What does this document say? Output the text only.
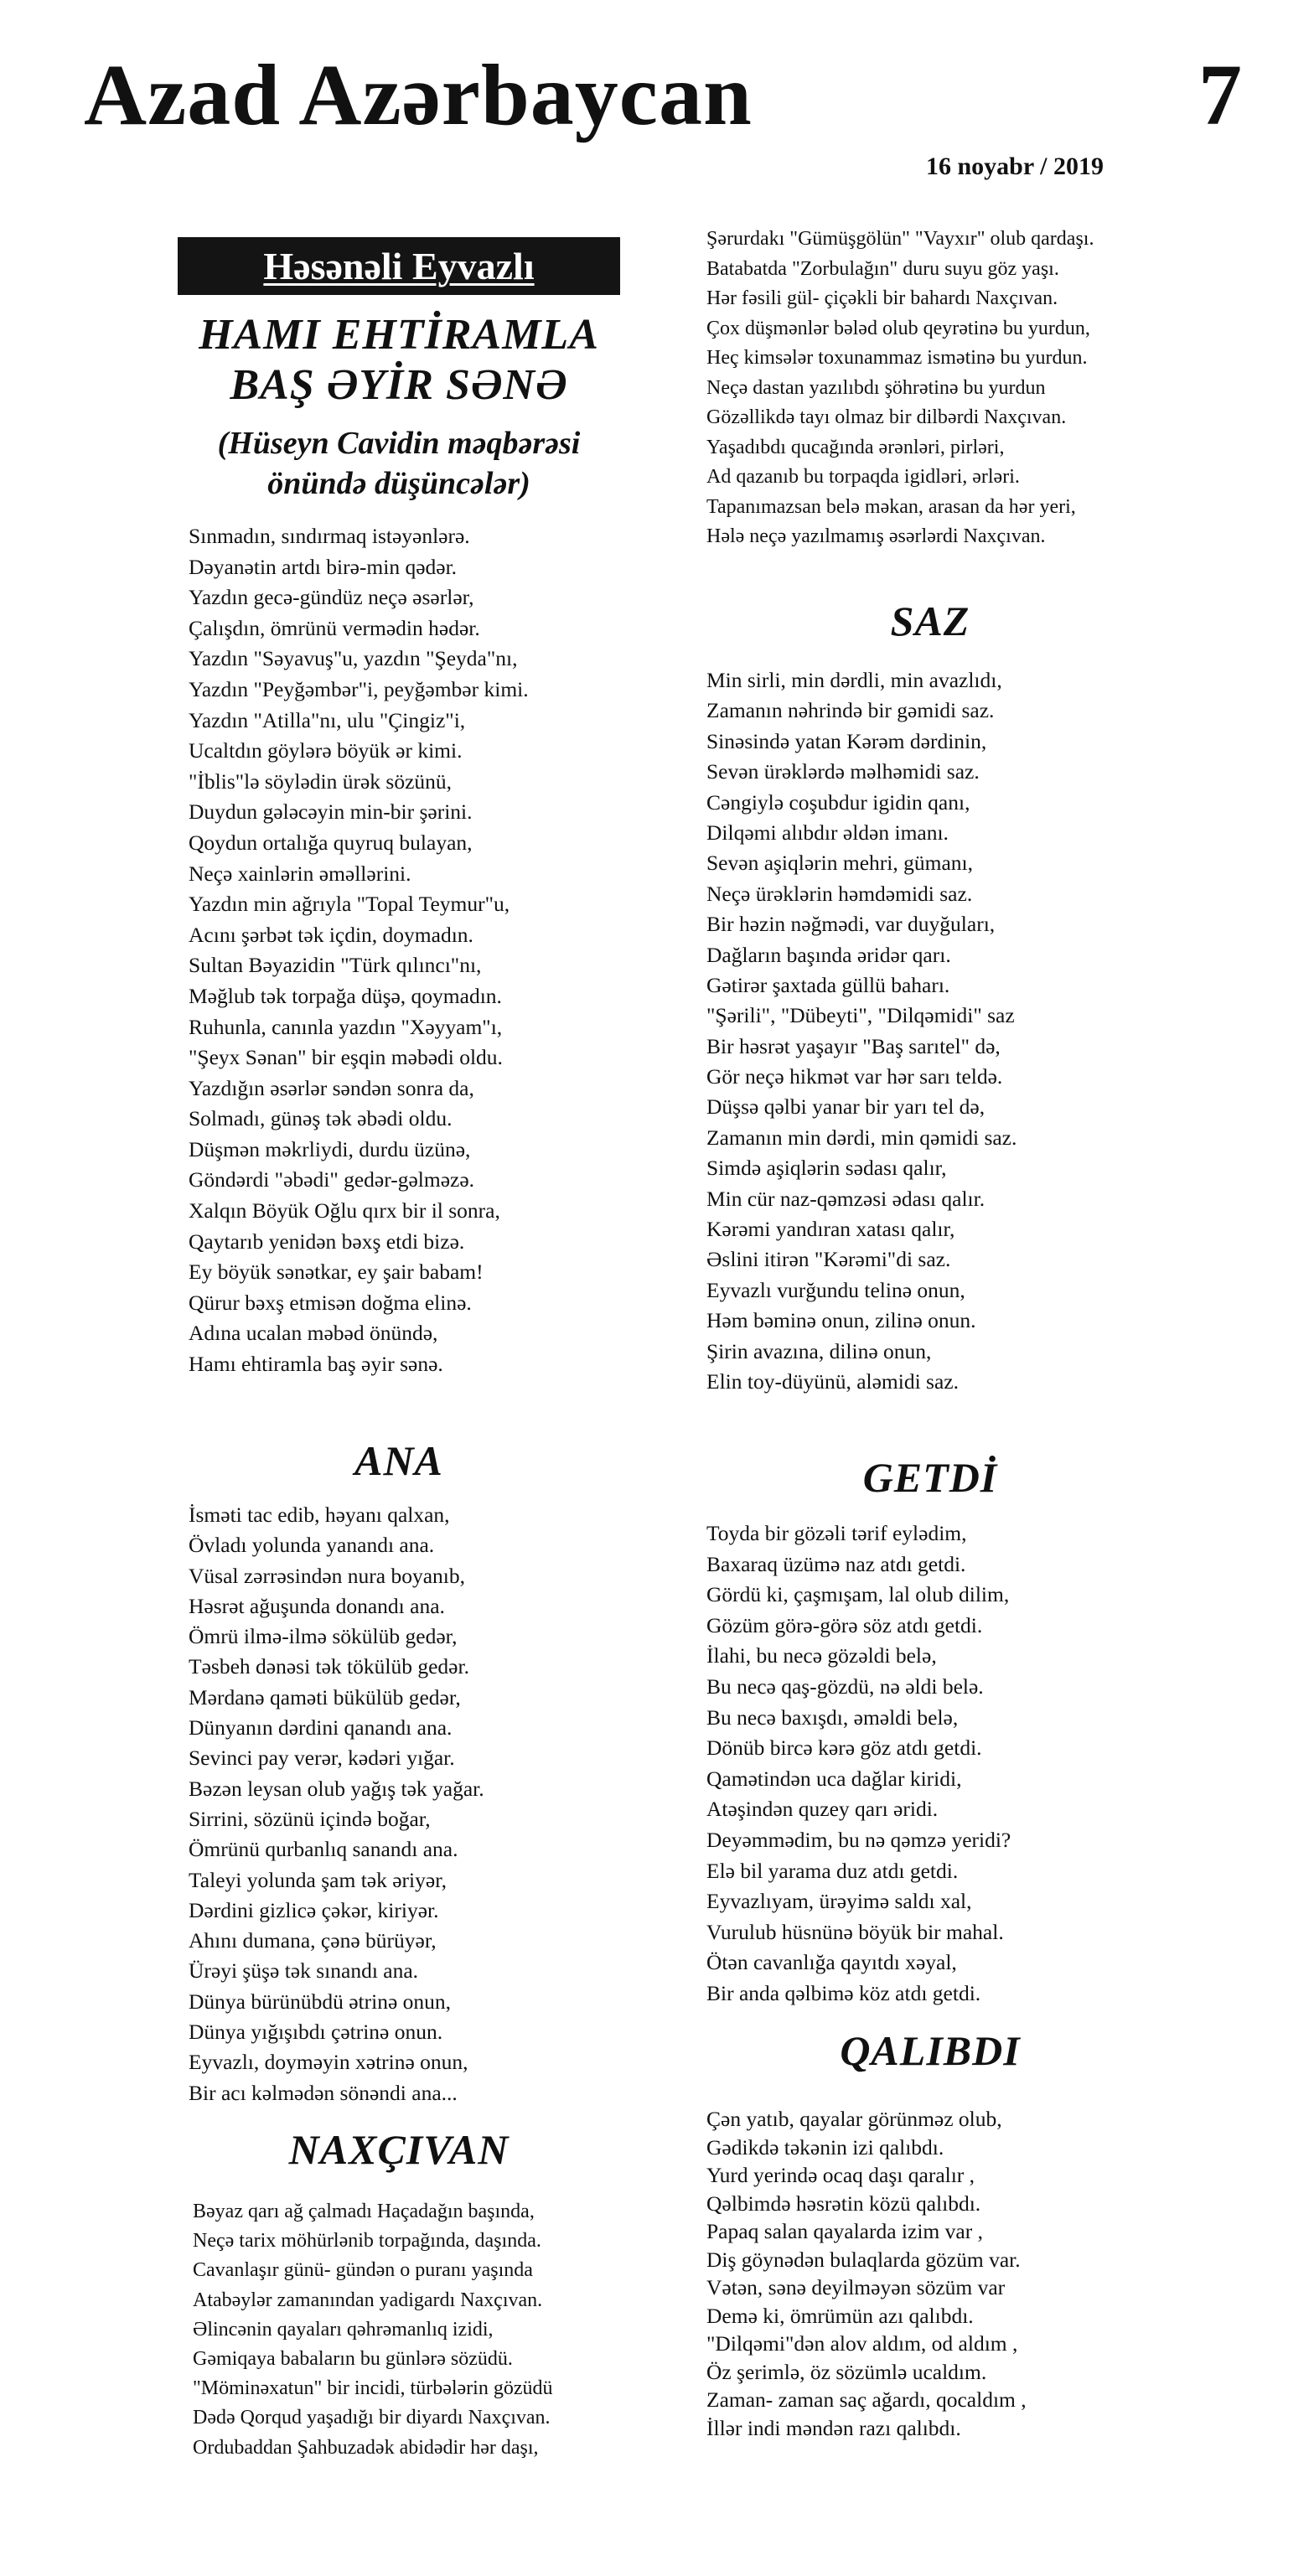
Azad Azərbaycan	7
16 noyabr / 2019
Həsənəli Eyvazlı
HAMI EHTİRAMLA
BAŞ ƏYİR SƏNƏ
(Hüseyn Cavidin məqbərəsi
önündə düşüncələr)
Sınmadın, sındırmaq istəyənlərə.
Dəyanətin artdı birə-min qədər.
Yazdın gecə-gündüz neçə əsərlər,
Çalışdın, ömrünü vermədin hədər.
Yazdın "Səyavuş"u, yazdın "Şeyda"nı,
Yazdın "Peyğəmbər"i, peyğəmbər kimi.
Yazdın "Atilla"nı, ulu "Çingiz"i,
Ucaltdın göylərə böyük ər kimi.
"İblis"lə söylədin ürək sözünü,
Duydun gələcəyin min-bir şərini.
Qoydun ortalığa quyruq bulayan,
Neçə xainlərin əməllərini.
Yazdın min ağrıyla "Topal Teymur"u,
Acını şərbət tək içdin, doymadın.
Sultan Bəyazidin "Türk qılıncı"nı,
Məğlub tək torpağa düşə, qoymadın.
Ruhunla, canınla yazdın "Xəyyam"ı,
"Şeyx Sənan" bir eşqin məbədi oldu.
Yazdığın əsərlər səndən sonra da,
Solmadı, günəş tək əbədi oldu.
Düşmən məkrliydi, durdu üzünə,
Göndərdi "əbədi" gedər-gəlməzə.
Xalqın Böyük Oğlu qırx bir il sonra,
Qaytarıb yenidən bəxş etdi bizə.
Ey böyük sənətkar, ey şair babam!
Qürur bəxş etmisən doğma elinə.
Adına ucalan məbəd önündə,
Hamı ehtiramla baş əyir sənə.
ANA
İsməti tac edib, həyanı qalxan,
Övladı yolunda yanandı ana.
Vüsal zərrəsindən nura boyanıb,
Həsrət ağuşunda donandı ana.
Ömrü ilmə-ilmə sökülüb gedər,
Təsbeh dənəsi tək tökülüb gedər.
Mərdanə qaməti bükülüb gedər,
Dünyanın dərdini qanandı ana.
Sevinci pay verər, kədəri yığar.
Bəzən leysan olub yağış tək yağar.
Sirrini, sözünü içində boğar,
Ömrünü qurbanlıq sanandı ana.
Taleyi yolunda şam tək əriyər,
Dərdini gizlicə çəkər, kiriyər.
Ahını dumana, çənə bürüyər,
Ürəyi şüşə tək sınandı ana.
Dünya bürünübdü ətrinə onun,
Dünya yığışıbdı çətrinə onun.
Eyvazlı, doyməyin xətrinə onun,
Bir acı kəlmədən sönəndi ana...
NAXÇIVAN
Bəyaz qarı ağ çalmadı Haçadağın başında,
Neçə tarix möhürlənib torpağında, daşında.
Cavanlaşır günü- gündən o puranı yaşında
Atabəylər zamanından yadigardı Naxçıvan.
Əlincənin qayaları qəhrəmanlıq izidi,
Gəmiqaya babaların bu günlərə sözüdü.
"Möminəxatun" bir incidi, türbələrin gözüdü
Dədə Qorqud yaşadığı bir diyardı Naxçıvan.
Ordubaddan Şahbuzadək abidədir hər daşı,
Şərurdakı "Gümüşgölün" "Vayxır" olub qardaşı.
Batabatda "Zorbulağın" duru suyu göz yaşı.
Hər fəsili gül- çiçəkli bir bahardı Naxçıvan.
Çox düşmənlər bələd olub qeyrətinə bu yurdun,
Heç kimsələr toxunammaz ismətinə bu yurdun.
Neçə dastan yazılıbdı şöhrətinə bu yurdun
Gözəllikdə tayı olmaz bir dilbərdi Naxçıvan.
Yaşadıbdı qucağında ərənləri, pirləri,
Ad qazanıb bu torpaqda igidləri, ərləri.
Tapanımazsan belə məkan, arasan da hər yeri,
Hələ neçə yazılmamış əsərlərdi Naxçıvan.
SAZ
Min sirli, min dərdli, min avazlıdı,
Zamanın nəhrində bir gəmidi saz.
Sinəsində yatan Kərəm dərdinin,
Sevən ürəklərdə məlhəmidi saz.
Cəngiylə coşubdur igidin qanı,
Dilqəmi alıbdır əldən imanı.
Sevən aşiqlərin mehri, gümanı,
Neçə ürəklərin həmdəmidi saz.
Bir həzin nəğmədi, var duyğuları,
Dağların başında əridər qarı.
Gətirər şaxtada güllü baharı.
"Şərili", "Dübeyti", "Dilqəmidi" saz
Bir həsrət yaşayır "Baş sarıtel" də,
Gör neçə hikmət var hər sarı teldə.
Düşsə qəlbi yanar bir yarı tel də,
Zamanın min dərdi, min qəmidi saz.
Simdə aşiqlərin sədası qalır,
Min cür naz-qəmzəsi ədası qalır.
Kərəmi yandıran xatası qalır,
Əslini itirən "Kərəmi"di saz.
Eyvazlı vurğundu telinə onun,
Həm bəminə onun, zilinə onun.
Şirin avazına, dilinə onun,
Elin toy-düyünü, aləmidi saz.
GETDİ
Toyda bir gözəli tərif eylədim,
Baxaraq üzümə naz atdı getdi.
Gördü ki, çaşmışam, lal olub dilim,
Gözüm görə-görə söz atdı getdi.
İlahi, bu necə gözəldi belə,
Bu necə qaş-gözdü, nə əldi belə.
Bu necə baxışdı, əməldi belə,
Dönüb bircə kərə göz atdı getdi.
Qamətindən uca dağlar kiridi,
Atəşindən quzey qarı əridi.
Deyəmmədim, bu nə qəmzə yeridi?
Elə bil yarama duz atdı getdi.
Eyvazlıyam, ürəyimə saldı xal,
Vurulub hüsnünə böyük bir mahal.
Ötən cavanlığa qayıtdı xəyal,
Bir anda qəlbimə köz atdı getdi.
QALIBDI
Çən yatıb, qayalar görünməz olub,
Gədikdə təkənin izi qalıbdı.
Yurd yerində ocaq daşı qaralır ,
Qəlbimdə həsrətin közü qalıbdı.
Papaq salan qayalarda izim var ,
Diş göynədən bulaqlarda gözüm var.
Vətən, sənə deyilməyən sözüm var
Demə ki, ömrümün azı qalıbdı.
"Dilqəmi"dən alov aldım, od aldım ,
Öz şerimlə, öz sözümlə ucaldım.
Zaman- zaman saç ağardı, qocaldım ,
İllər indi məndən razı qalıbdı.
